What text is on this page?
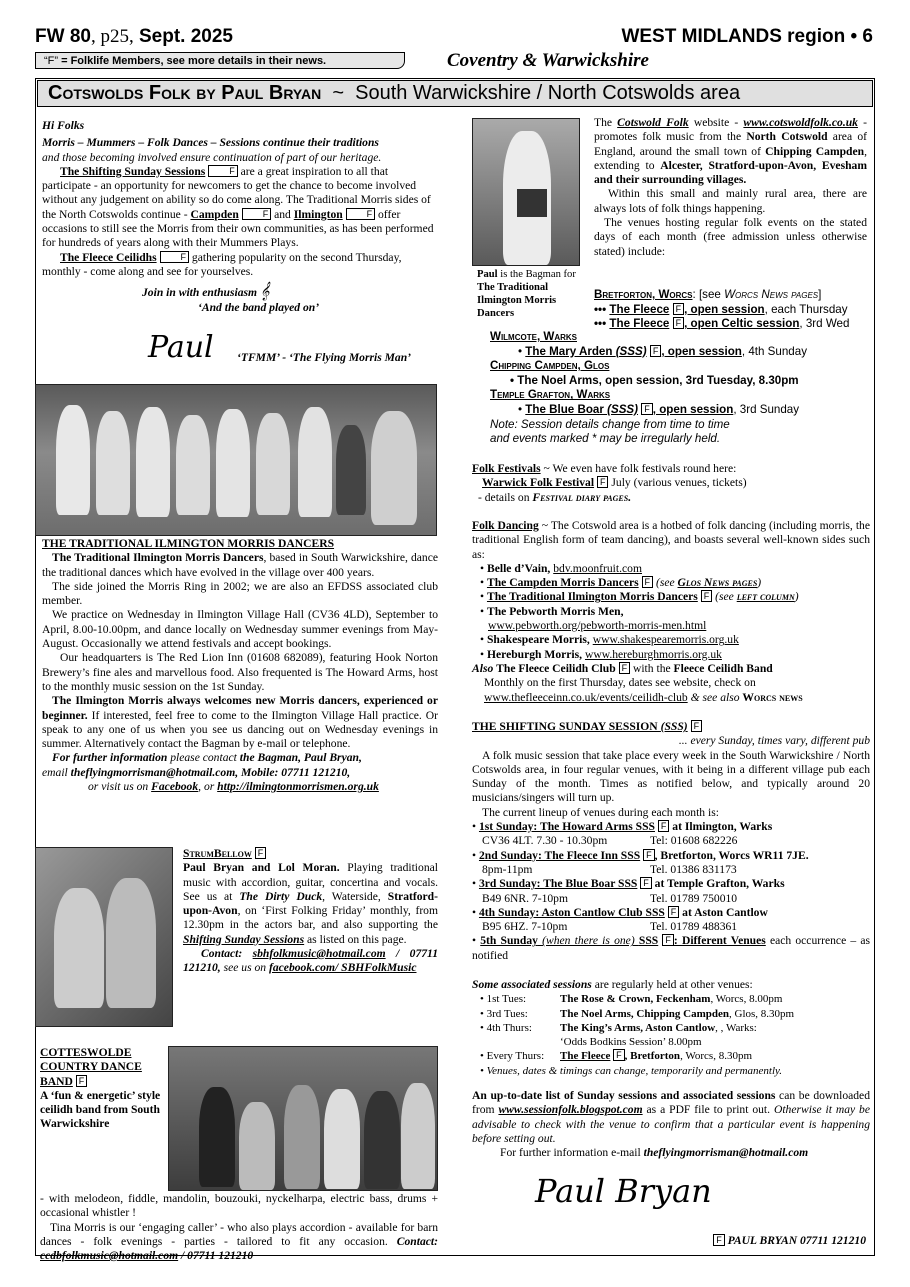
FW 80, p25, Sept. 2025	WEST MIDLANDS region • 6
“F” = Folklife Members, see more details in their news.	Coventry & Warwickshire
Cotswolds Folk by Paul Bryan  ~  South Warwickshire / North Cotswolds area

Hi Folks

Morris – Mummers – Folk Dances – Sessions continue their traditions

and those becoming involved ensure continuation of part of our heritage.

The Shifting Sunday Sessions	F are a great inspiration to all that participate - an opportunity for newcomers to get the chance to become involved without any judgement on ability so do come along. The Traditional Morris sides of the North Cotswolds continue - Campden	F and Ilmington	F offer occasions to still see the Morris from their own communities, as has been performed for hundreds of years along with their Mummers Plays.

The Fleece Ceilidhs	F gathering popularity on the second Thursday, monthly - come along and see for yourselves.

Join in with enthusiasm 𝄞

‘And the band played on’

Paul ‘TFMM’ - ‘The Flying Morris Man’

THE TRADITIONAL ILMINGTON MORRIS DANCERS

The Traditional Ilmington Morris Dancers, based in South Warwickshire, dance the traditional dances which have evolved in the village over 400 years.

The side joined the Morris Ring in 2002; we are also an EFDSS associated club member.

We practice on Wednesday in Ilmington Village Hall (CV36 4LD), September to April, 8.00-10.00pm, and dance locally on Wednesday summer evenings from May-August. Occasionally we attend festivals and accept bookings.

Our headquarters is The Red Lion Inn (01608 682089), featuring Hook Norton Brewery’s fine ales and marvellous food. Also frequented is The Howard Arms, host to the monthly music session on the 1st Sunday.

The Ilmington Morris always welcomes new Morris dancers, experienced or beginner. If interested, feel free to come to the Ilmington Village Hall practice. Or speak to any one of us when you see us dancing out on Wednesday evenings in summer. Alternatively contact the Bagman by e-mail or telephone.

For further information please contact the Bagman, Paul Bryan,

email theflyingmorrisman@hotmail.com, Mobile: 07711 121210,

or visit us on Facebook, or http://ilmingtonmorrismen.org.uk

StrumBellow F

Paul Bryan and Lol Moran. Playing traditional music with accordion, guitar, concertina and vocals. See us at The Dirty Duck, Waterside, Stratford-upon-Avon, on ‘First Folking Friday’ monthly, from 12.30pm in the actors bar, and also supporting the Shifting Sunday Sessions as listed on this page.

Contact: sbhfolkmusic@hotmail.com / 07711 121210, see us on facebook.com/ SBHFolkMusic

COTTESWOLDE

COUNTRY DANCE

BAND F

A ‘fun & energetic’ style ceilidh band from South Warwickshire

- with melodeon, fiddle, mandolin, bouzouki, nyckelharpa, electric bass, drums + occasional whistler !

Tina Morris is our ‘engaging caller’ - who also plays accordion - available for barn dances - folk evenings - parties - tailored to fit any occasion. Contact: ccdbfolkmusic@hotmail.com / 07711 121210

Paul is the Bagman for The Traditional Ilmington Morris Dancers

The Cotswold Folk website - www.cotswoldfolk.co.uk - promotes folk music from the North Cotswold area of England, around the small town of Chipping Campden, extending to Alcester, Stratford-upon-Avon, Evesham and their surrounding villages.

Within this small and mainly rural area, there are always lots of folk things happening.

The venues hosting regular folk events on the stated days of each month (free admission unless otherwise stated) include:

Bretforton, Worcs: [see Worcs News pages]

••• The Fleece F , open session, each Thursday

••• The Fleece F , open Celtic session, 3rd Wed

Wilmcote, Warks

• The Mary Arden (SSS) F , open session, 4th Sunday

Chipping Campden, Glos

• The Noel Arms, open session, 3rd Tuesday, 8.30pm

Temple Grafton, Warks

• The Blue Boar (SSS) F , open session, 3rd Sunday

Note: Session details change from time to time

and events marked * may be irregularly held.

Folk Festivals ~ We even have folk festivals round here:

Warwick Folk Festival F July (various venues, tickets)

- details on Festival diary pages.

Folk Dancing ~ The Cotswold area is a hotbed of folk dancing (including morris, the traditional English form of team dancing), and boasts several well-known sides such as:

• Belle d’Vain, bdv.moonfruit.com
• The Campden Morris Dancers F (see Glos News pages)
• The Traditional Ilmington Morris Dancers F (see left column)
• The Pebworth Morris Men,
www.pebworth.org/pebworth-morris-men.html
• Shakespeare Morris, www.shakespearemorris.org.uk
• Hereburgh Morris, www.hereburghmorris.org.uk

Also The Fleece Ceilidh Club F with the Fleece Ceilidh Band

Monthly on the first Thursday, dates see website, check on

www.thefleeceinn.co.uk/events/ceilidh-club & see also Worcs news

THE SHIFTING SUNDAY SESSION (SSS) F

... every Sunday, times vary, different pub

A folk music session that take place every week in the South Warwickshire / North Cotswolds area, in four regular venues, with it being in a different village pub each Sunday of the month. Times as notified below, and typically around 20 musicians/singers will turn up.

The current lineup of venues during each month is:

• 1st Sunday: The Howard Arms SSS F at Ilmington, Warks
CV36 4LT. 7.30 - 10.30pm	Tel: 01608 682226
• 2nd Sunday: The Fleece Inn SSS F , Bretforton, Worcs WR11 7JE.
8pm-11pm	Tel. 01386 831173
• 3rd Sunday: The Blue Boar SSS F at Temple Grafton, Warks
B49 6NR. 7-10pm	Tel. 01789 750010
• 4th Sunday: Aston Cantlow Club SSS F at Aston Cantlow
B95 6HZ. 7-10pm	Tel. 01789 488361

• 5th Sunday (when there is one) SSS F : Different Venues each occurrence – as notified

Some associated sessions are regularly held at other venues:

• 1st Tues:	The Rose & Crown, Feckenham, Worcs, 8.00pm
• 3rd Tues:	The Noel Arms, Chipping Campden, Glos, 8.30pm
• 4th Thurs:	The King’s Arms, Aston Cantlow, , Warks:
‘Odds Bodkins Session’ 8.00pm
• Every Thurs:	The Fleece F , Bretforton, Worcs, 8.30pm

• Venues, dates & timings can change, temporarily and permanently.

An up-to-date list of Sunday sessions and associated sessions can be downloaded from www.sessionfolk.blogspot.com as a PDF file to print out. Otherwise it may be advisable to check with the venue to confirm that a particular event is happening before setting out.

For further information e-mail theflyingmorrisman@hotmail.com

Paul Bryan
F PAUL BRYAN 07711 121210
